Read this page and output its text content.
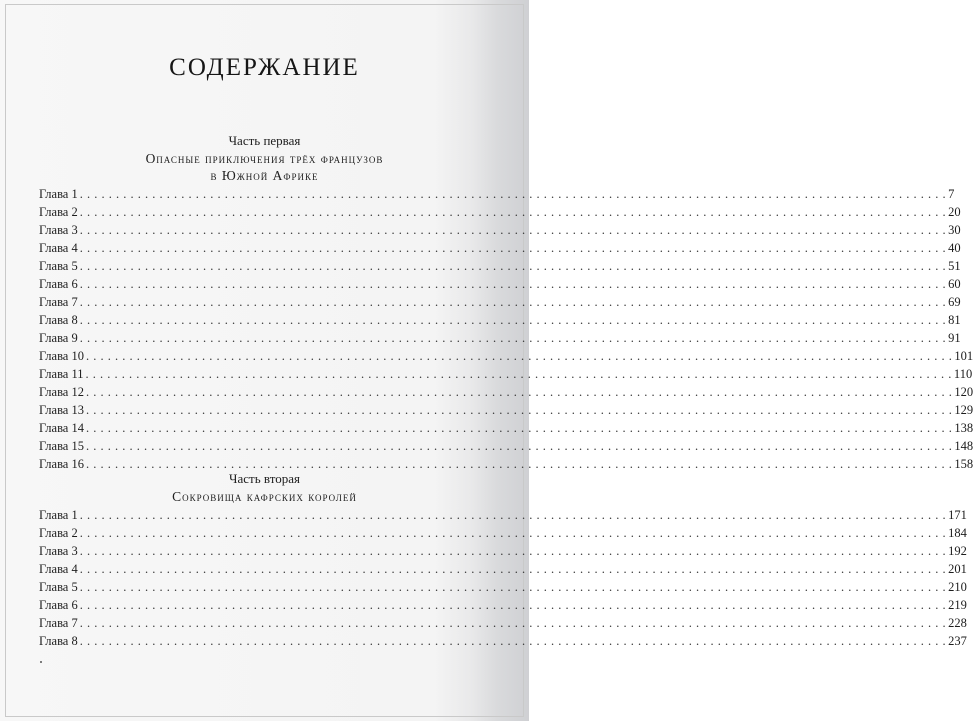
СОДЕРЖАНИЕ
Часть первая
Опасные приключения трёх французов
в Южной Африке
Глава 1 . . . . . . . . . . . . . . . . . . . . . . . . . . . . . . . . . . . . . . . . . . . . . . . . . . . . . . . . . . . . . . . . . . . . . . . . . . . . . . . . . . . . . . . . . . . . . . . . . . . . . . . . . . . . . . . . . . . . . . . . 7
Глава 2 . . . . . . . . . . . . . . . . . . . . . . . . . . . . . . . . . . . . . . . . . . . . . . . . . . . . . . . . . . . . . . . . . . . . . . . . . . . . . . . . . . . . . . . . . . . . . . . . . . . . . . . . . . . . . . . . . . . . . . . . 20
Глава 3 . . . . . . . . . . . . . . . . . . . . . . . . . . . . . . . . . . . . . . . . . . . . . . . . . . . . . . . . . . . . . . . . . . . . . . . . . . . . . . . . . . . . . . . . . . . . . . . . . . . . . . . . . . . . . . . . . . . . . . . . 30
Глава 4 . . . . . . . . . . . . . . . . . . . . . . . . . . . . . . . . . . . . . . . . . . . . . . . . . . . . . . . . . . . . . . . . . . . . . . . . . . . . . . . . . . . . . . . . . . . . . . . . . . . . . . . . . . . . . . . . . . . . . . . . 40
Глава 5 . . . . . . . . . . . . . . . . . . . . . . . . . . . . . . . . . . . . . . . . . . . . . . . . . . . . . . . . . . . . . . . . . . . . . . . . . . . . . . . . . . . . . . . . . . . . . . . . . . . . . . . . . . . . . . . . . . . . . . . . 51
Глава 6 . . . . . . . . . . . . . . . . . . . . . . . . . . . . . . . . . . . . . . . . . . . . . . . . . . . . . . . . . . . . . . . . . . . . . . . . . . . . . . . . . . . . . . . . . . . . . . . . . . . . . . . . . . . . . . . . . . . . . . . . 60
Глава 7 . . . . . . . . . . . . . . . . . . . . . . . . . . . . . . . . . . . . . . . . . . . . . . . . . . . . . . . . . . . . . . . . . . . . . . . . . . . . . . . . . . . . . . . . . . . . . . . . . . . . . . . . . . . . . . . . . . . . . . . . 69
Глава 8 . . . . . . . . . . . . . . . . . . . . . . . . . . . . . . . . . . . . . . . . . . . . . . . . . . . . . . . . . . . . . . . . . . . . . . . . . . . . . . . . . . . . . . . . . . . . . . . . . . . . . . . . . . . . . . . . . . . . . . . . 81
Глава 9 . . . . . . . . . . . . . . . . . . . . . . . . . . . . . . . . . . . . . . . . . . . . . . . . . . . . . . . . . . . . . . . . . . . . . . . . . . . . . . . . . . . . . . . . . . . . . . . . . . . . . . . . . . . . . . . . . . . . . . . . 91
Глава 10 . . . . . . . . . . . . . . . . . . . . . . . . . . . . . . . . . . . . . . . . . . . . . . . . . . . . . . . . . . . . . . . . . . . . . . . . . . . . . . . . . . . . . . . . . . . . . . . . . . . . . . . . . . . . . . . . . . . . . . . . 101
Глава 11 . . . . . . . . . . . . . . . . . . . . . . . . . . . . . . . . . . . . . . . . . . . . . . . . . . . . . . . . . . . . . . . . . . . . . . . . . . . . . . . . . . . . . . . . . . . . . . . . . . . . . . . . . . . . . . . . . . . . . . . . 110
Глава 12 . . . . . . . . . . . . . . . . . . . . . . . . . . . . . . . . . . . . . . . . . . . . . . . . . . . . . . . . . . . . . . . . . . . . . . . . . . . . . . . . . . . . . . . . . . . . . . . . . . . . . . . . . . . . . . . . . . . . . . . . 120
Глава 13 . . . . . . . . . . . . . . . . . . . . . . . . . . . . . . . . . . . . . . . . . . . . . . . . . . . . . . . . . . . . . . . . . . . . . . . . . . . . . . . . . . . . . . . . . . . . . . . . . . . . . . . . . . . . . . . . . . . . . . . . 129
Глава 14 . . . . . . . . . . . . . . . . . . . . . . . . . . . . . . . . . . . . . . . . . . . . . . . . . . . . . . . . . . . . . . . . . . . . . . . . . . . . . . . . . . . . . . . . . . . . . . . . . . . . . . . . . . . . . . . . . . . . . . . . 138
Глава 15 . . . . . . . . . . . . . . . . . . . . . . . . . . . . . . . . . . . . . . . . . . . . . . . . . . . . . . . . . . . . . . . . . . . . . . . . . . . . . . . . . . . . . . . . . . . . . . . . . . . . . . . . . . . . . . . . . . . . . . . . 148
Глава 16 . . . . . . . . . . . . . . . . . . . . . . . . . . . . . . . . . . . . . . . . . . . . . . . . . . . . . . . . . . . . . . . . . . . . . . . . . . . . . . . . . . . . . . . . . . . . . . . . . . . . . . . . . . . . . . . . . . . . . . . . 158
Часть вторая
Сокровища кафрских королей
Глава 1 . . . . . . . . . . . . . . . . . . . . . . . . . . . . . . . . . . . . . . . . . . . . . . . . . . . . . . . . . . . . . . . . . . . . . . . . . . . . . . . . . . . . . . . . . . . . . . . . . . . . . . . . . . . . . . . . . . . . . . . . 171
Глава 2 . . . . . . . . . . . . . . . . . . . . . . . . . . . . . . . . . . . . . . . . . . . . . . . . . . . . . . . . . . . . . . . . . . . . . . . . . . . . . . . . . . . . . . . . . . . . . . . . . . . . . . . . . . . . . . . . . . . . . . . . 184
Глава 3 . . . . . . . . . . . . . . . . . . . . . . . . . . . . . . . . . . . . . . . . . . . . . . . . . . . . . . . . . . . . . . . . . . . . . . . . . . . . . . . . . . . . . . . . . . . . . . . . . . . . . . . . . . . . . . . . . . . . . . . . 192
Глава 4 . . . . . . . . . . . . . . . . . . . . . . . . . . . . . . . . . . . . . . . . . . . . . . . . . . . . . . . . . . . . . . . . . . . . . . . . . . . . . . . . . . . . . . . . . . . . . . . . . . . . . . . . . . . . . . . . . . . . . . . . 201
Глава 5 . . . . . . . . . . . . . . . . . . . . . . . . . . . . . . . . . . . . . . . . . . . . . . . . . . . . . . . . . . . . . . . . . . . . . . . . . . . . . . . . . . . . . . . . . . . . . . . . . . . . . . . . . . . . . . . . . . . . . . . . 210
Глава 6 . . . . . . . . . . . . . . . . . . . . . . . . . . . . . . . . . . . . . . . . . . . . . . . . . . . . . . . . . . . . . . . . . . . . . . . . . . . . . . . . . . . . . . . . . . . . . . . . . . . . . . . . . . . . . . . . . . . . . . . . 219
Глава 7 . . . . . . . . . . . . . . . . . . . . . . . . . . . . . . . . . . . . . . . . . . . . . . . . . . . . . . . . . . . . . . . . . . . . . . . . . . . . . . . . . . . . . . . . . . . . . . . . . . . . . . . . . . . . . . . . . . . . . . . . 228
Глава 8 . . . . . . . . . . . . . . . . . . . . . . . . . . . . . . . . . . . . . . . . . . . . . . . . . . . . . . . . . . . . . . . . . . . . . . . . . . . . . . . . . . . . . . . . . . . . . . . . . . . . . . . . . . . . . . . . . . . . . . . . 237
